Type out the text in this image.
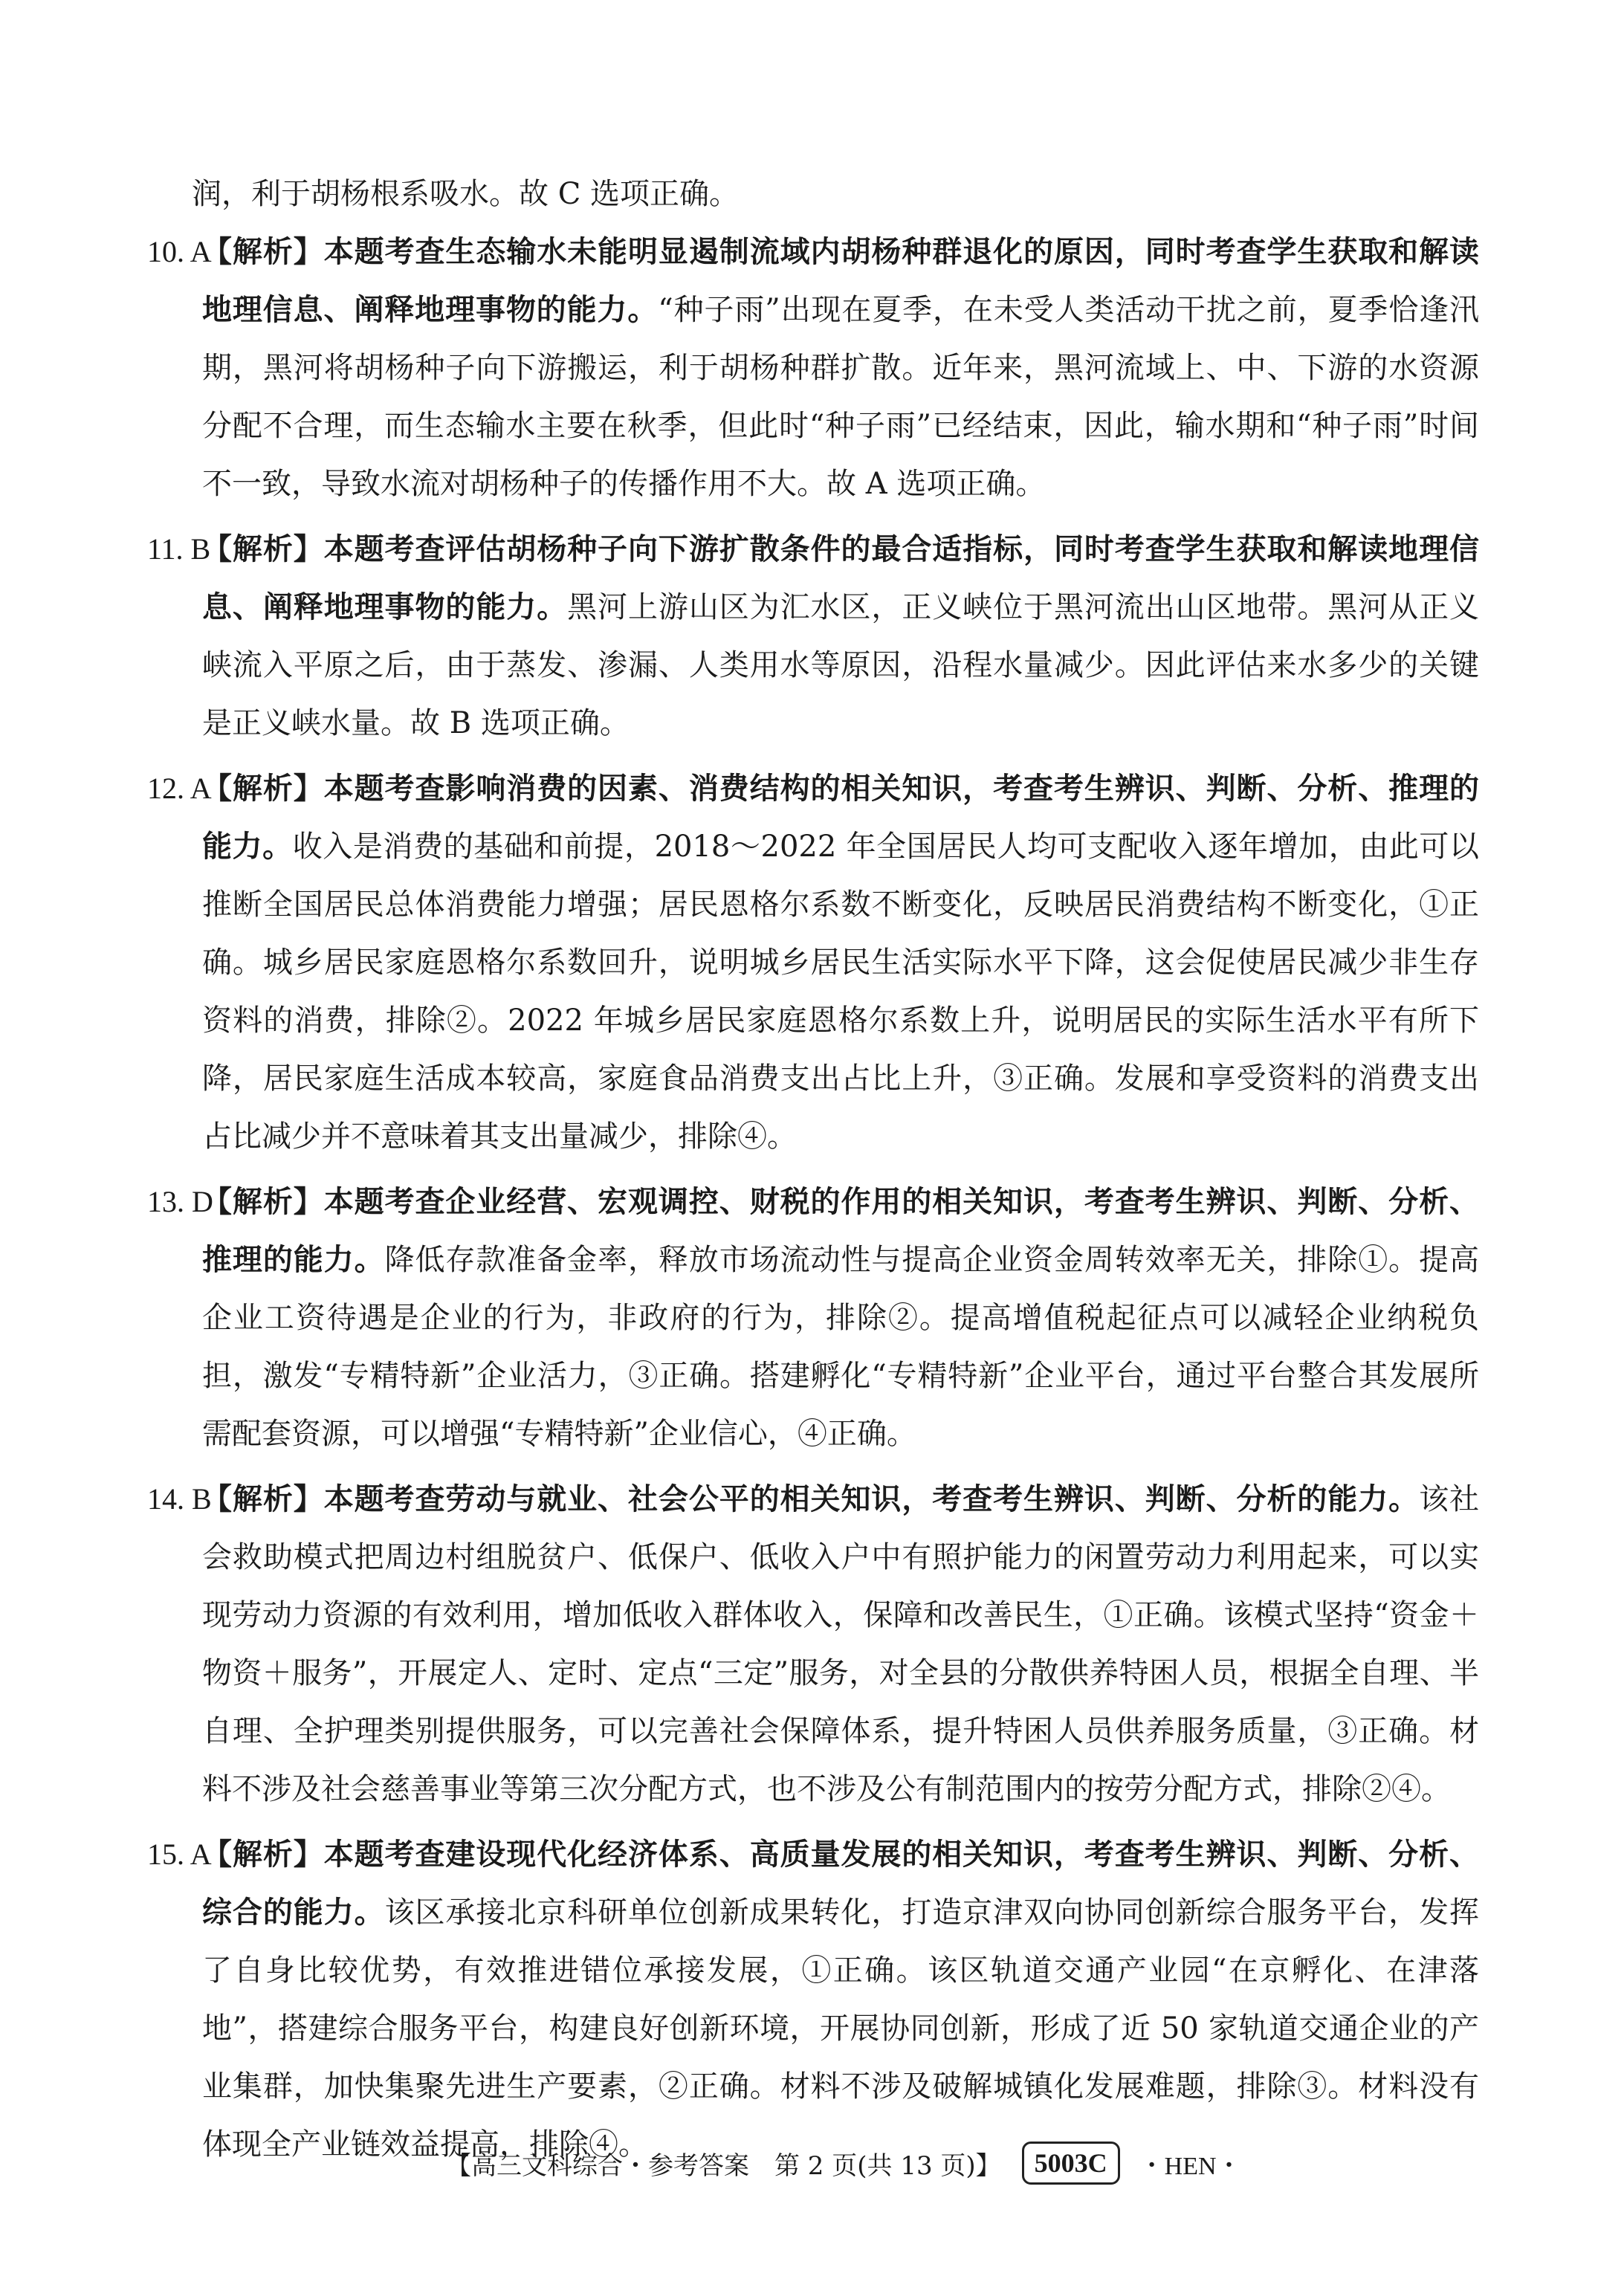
润，利于胡杨根系吸水。故 C 选项正确。

10. A
【解析】本题考查生态输水未能明显遏制流域内胡杨种群退化的原因，同时考查学生获取和解读地理信息、阐释地理事物的能力。“种子雨”出现在夏季，在未受人类活动干扰之前，夏季恰逢汛期，黑河将胡杨种子向下游搬运，利于胡杨种群扩散。近年来，黑河流域上、中、下游的水资源分配不合理，而生态输水主要在秋季，但此时“种子雨”已经结束，因此，输水期和“种子雨”时间不一致，导致水流对胡杨种子的传播作用不大。故 A 选项正确。

11. B
【解析】本题考查评估胡杨种子向下游扩散条件的最合适指标，同时考查学生获取和解读地理信息、阐释地理事物的能力。黑河上游山区为汇水区，正义峡位于黑河流出山区地带。黑河从正义峡流入平原之后，由于蒸发、渗漏、人类用水等原因，沿程水量减少。因此评估来水多少的关键是正义峡水量。故 B 选项正确。

12. A
【解析】本题考查影响消费的因素、消费结构的相关知识，考查考生辨识、判断、分析、推理的能力。收入是消费的基础和前提，2018～2022 年全国居民人均可支配收入逐年增加，由此可以推断全国居民总体消费能力增强；居民恩格尔系数不断变化，反映居民消费结构不断变化，①正确。城乡居民家庭恩格尔系数回升，说明城乡居民生活实际水平下降，这会促使居民减少非生存资料的消费，排除②。2022 年城乡居民家庭恩格尔系数上升，说明居民的实际生活水平有所下降，居民家庭生活成本较高，家庭食品消费支出占比上升，③正确。发展和享受资料的消费支出占比减少并不意味着其支出量减少，排除④。

13. D
【解析】本题考查企业经营、宏观调控、财税的作用的相关知识，考查考生辨识、判断、分析、推理的能力。降低存款准备金率，释放市场流动性与提高企业资金周转效率无关，排除①。提高企业工资待遇是企业的行为，非政府的行为，排除②。提高增值税起征点可以减轻企业纳税负担，激发“专精特新”企业活力，③正确。搭建孵化“专精特新”企业平台，通过平台整合其发展所需配套资源，可以增强“专精特新”企业信心，④正确。

14. B
【解析】本题考查劳动与就业、社会公平的相关知识，考查考生辨识、判断、分析的能力。该社会救助模式把周边村组脱贫户、低保户、低收入户中有照护能力的闲置劳动力利用起来，可以实现劳动力资源的有效利用，增加低收入群体收入，保障和改善民生，①正确。该模式坚持“资金＋物资＋服务”，开展定人、定时、定点“三定”服务，对全县的分散供养特困人员，根据全自理、半自理、全护理类别提供服务，可以完善社会保障体系，提升特困人员供养服务质量，③正确。材料不涉及社会慈善事业等第三次分配方式，也不涉及公有制范围内的按劳分配方式，排除②④。

15. A
【解析】本题考查建设现代化经济体系、高质量发展的相关知识，考查考生辨识、判断、分析、综合的能力。该区承接北京科研单位创新成果转化，打造京津双向协同创新综合服务平台，发挥了自身比较优势，有效推进错位承接发展，①正确。该区轨道交通产业园“在京孵化、在津落地”，搭建综合服务平台，构建良好创新环境，开展协同创新，形成了近 50 家轨道交通企业的产业集群，加快集聚先进生产要素，②正确。材料不涉及破解城镇化发展难题，排除③。材料没有体现全产业链效益提高，排除④。

【高三文科综合・参考答案　第 2 页(共 13 页)】	5003C	・HEN・
